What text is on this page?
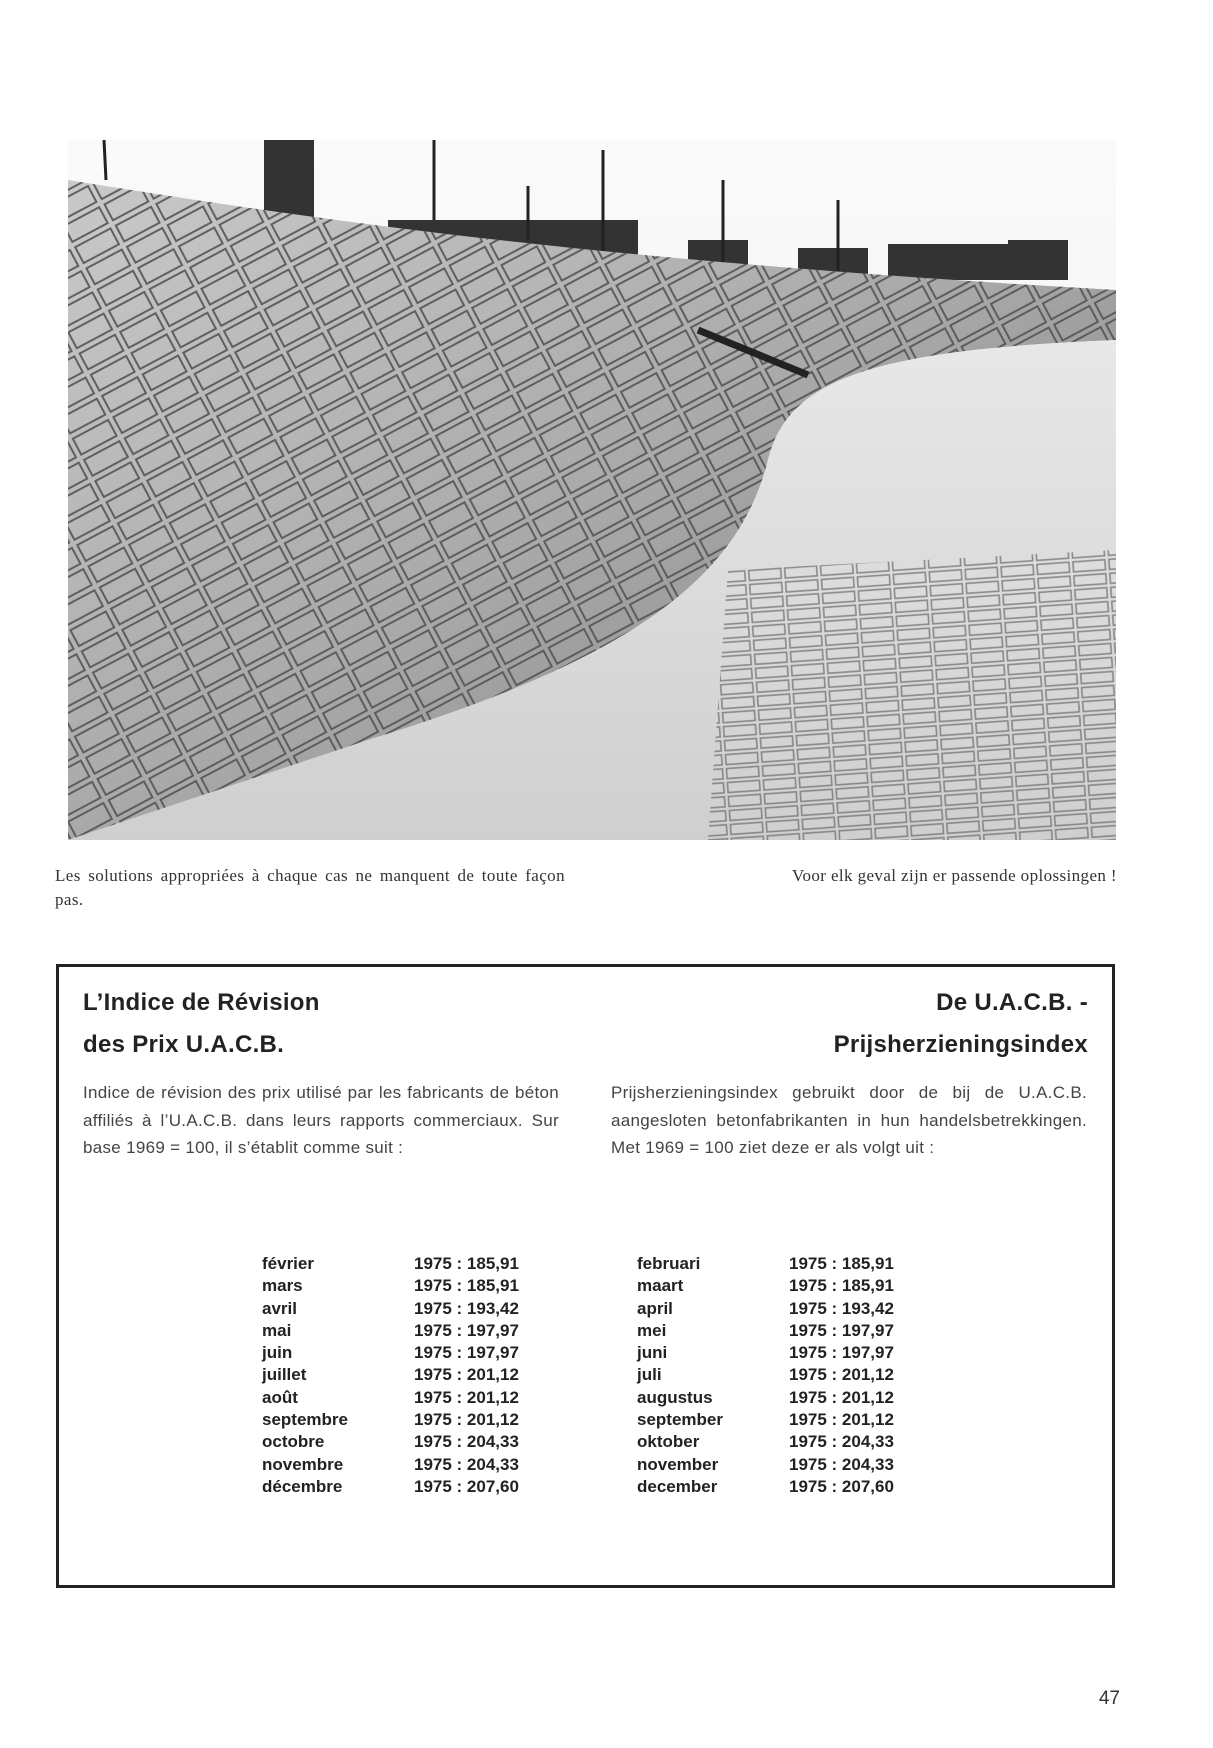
Les solutions appropriées à chaque cas ne manquent de toute façon pas.
Voor elk geval zijn er passende oplossingen !
L’Indice de Révision
des Prix U.A.C.B.
De U.A.C.B. -
Prijsherzieningsindex
Indice de révision des prix utilisé par les fabricants de béton affiliés à l’U.A.C.B. dans leurs rapports commerciaux. Sur base 1969 = 100, il s’établit comme suit :
Prijsherzieningsindex gebruikt door de bij de U.A.C.B. aangesloten betonfabrikanten in hun handelsbetrekkingen. Met 1969 = 100 ziet deze er als volgt uit :
février	1975 : 185,91
mars	1975 : 185,91
avril	1975 : 193,42
mai	1975 : 197,97
juin	1975 : 197,97
juillet	1975 : 201,12
août	1975 : 201,12
septembre	1975 : 201,12
octobre	1975 : 204,33
novembre	1975 : 204,33
décembre	1975 : 207,60
februari	1975 : 185,91
maart	1975 : 185,91
april	1975 : 193,42
mei	1975 : 197,97
juni	1975 : 197,97
juli	1975 : 201,12
augustus	1975 : 201,12
september	1975 : 201,12
oktober	1975 : 204,33
november	1975 : 204,33
december	1975 : 207,60
47
